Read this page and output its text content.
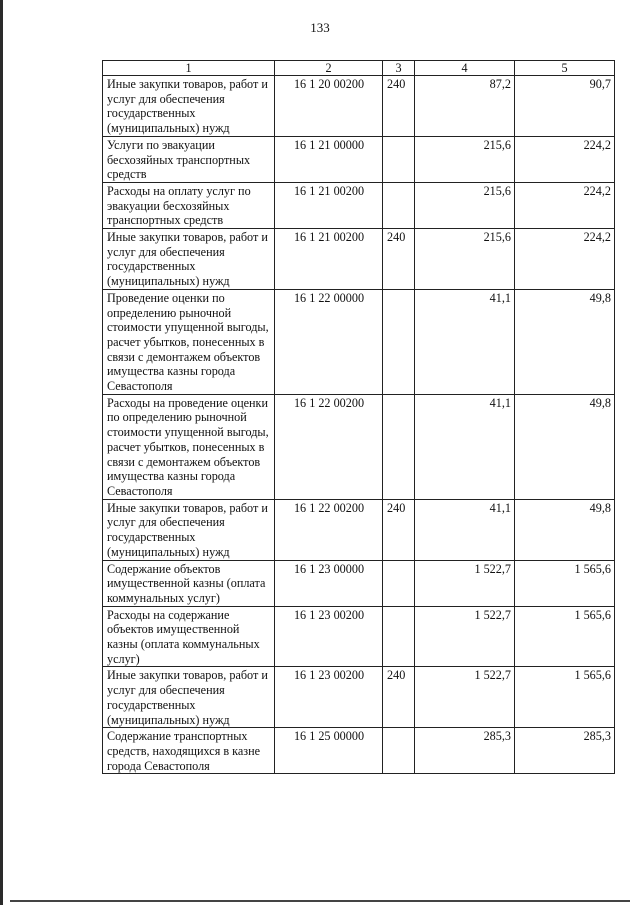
133
1	2	3	4	5
Иные закупки товаров, работ и услуг для обеспечения государственных (муниципальных) нужд	16 1 20 00200	240	87,2	90,7
Услуги по эвакуации бесхозяйных транспортных средств	16 1 21 00000		215,6	224,2
Расходы на оплату услуг по эвакуации бесхозяйных транспортных средств	16 1 21 00200		215,6	224,2
Иные закупки товаров, работ и услуг для обеспечения государственных (муниципальных) нужд	16 1 21 00200	240	215,6	224,2
Проведение оценки по определению рыночной стоимости упущенной выгоды, расчет убытков, понесенных в связи с демонтажем объектов имущества казны города Севастополя	16 1 22 00000		41,1	49,8
Расходы на проведение оценки по определению рыночной стоимости упущенной выгоды, расчет убытков, понесенных в связи с демонтажем объектов имущества казны города Севастополя	16 1 22 00200		41,1	49,8
Иные закупки товаров, работ и услуг для обеспечения государственных (муниципальных) нужд	16 1 22 00200	240	41,1	49,8
Содержание объектов имущественной казны (оплата коммунальных услуг)	16 1 23 00000		1 522,7	1 565,6
Расходы на содержание объектов имущественной казны (оплата коммунальных услуг)	16 1 23 00200		1 522,7	1 565,6
Иные закупки товаров, работ и услуг для обеспечения государственных (муниципальных) нужд	16 1 23 00200	240	1 522,7	1 565,6
Содержание транспортных средств, находящихся в казне города Севастополя	16 1 25 00000		285,3	285,3
